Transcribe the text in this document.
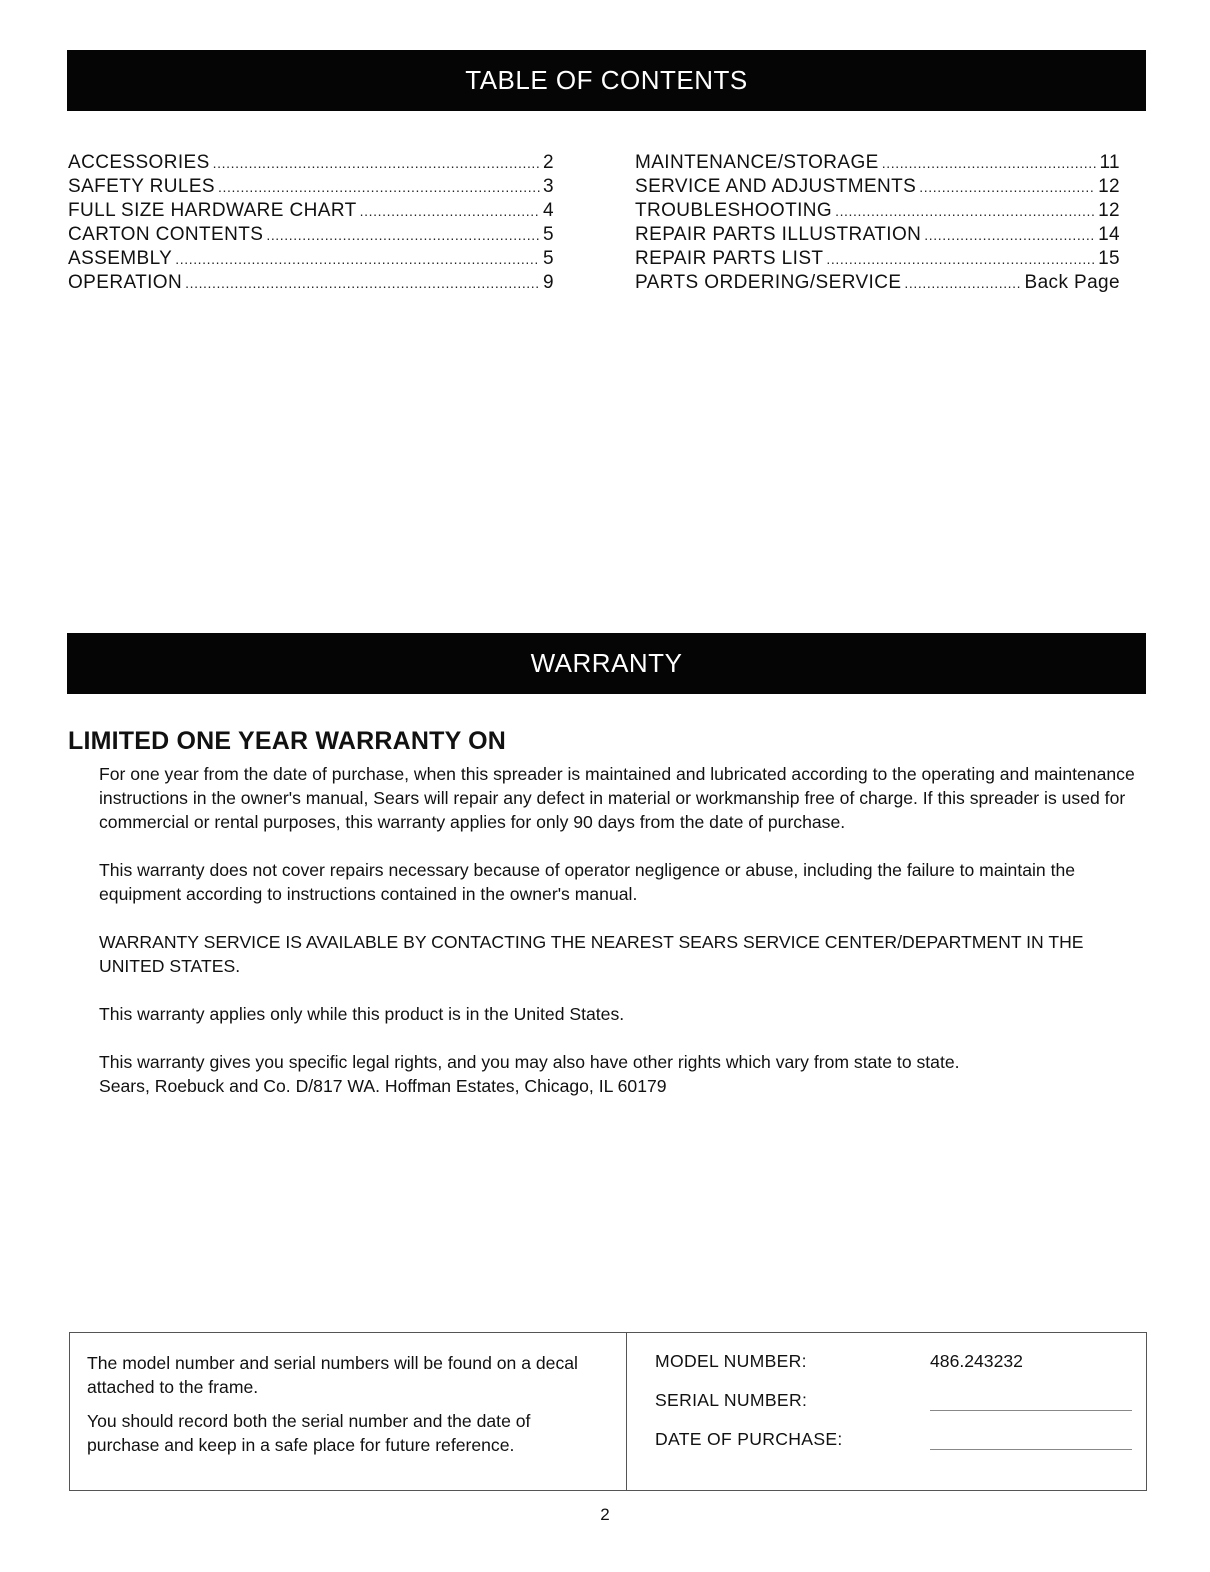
TABLE OF CONTENTS
ACCESSORIES .....	2
SAFETY RULES .....	3
FULL SIZE HARDWARE CHART .....	4
CARTON CONTENTS .....	5
ASSEMBLY .....	5
OPERATION .....	9
MAINTENANCE/STORAGE .....	11
SERVICE AND ADJUSTMENTS .....	12
TROUBLESHOOTING .....	12
REPAIR PARTS ILLUSTRATION .....	14
REPAIR PARTS LIST .....	15
PARTS ORDERING/SERVICE .....	Back Page
WARRANTY
LIMITED ONE YEAR WARRANTY ON

For one year from the date of purchase, when this spreader is maintained and lubricated according to the operating and maintenance instructions in the owner's manual, Sears will repair any defect in material or workmanship free of charge. If this spreader is used for commercial or rental purposes, this warranty applies for only 90 days from the date of purchase.

This warranty does not cover repairs necessary because of operator negligence or abuse, including the failure to maintain the equipment according to instructions contained in the owner's manual.

WARRANTY SERVICE IS AVAILABLE BY CONTACTING THE NEAREST SEARS SERVICE CENTER/DEPARTMENT IN THE UNITED STATES.

This warranty applies only while this product is in the United States.

This warranty gives you specific legal rights, and you may also have other rights which vary from state to state.
Sears, Roebuck and Co. D/817 WA. Hoffman Estates, Chicago, IL 60179

The model number and serial numbers will be found on a decal attached to the frame.

You should record both the serial number and the date of purchase and keep in a safe place for future reference.

MODEL NUMBER:	486.243232
SERIAL NUMBER:
DATE OF PURCHASE:
2
